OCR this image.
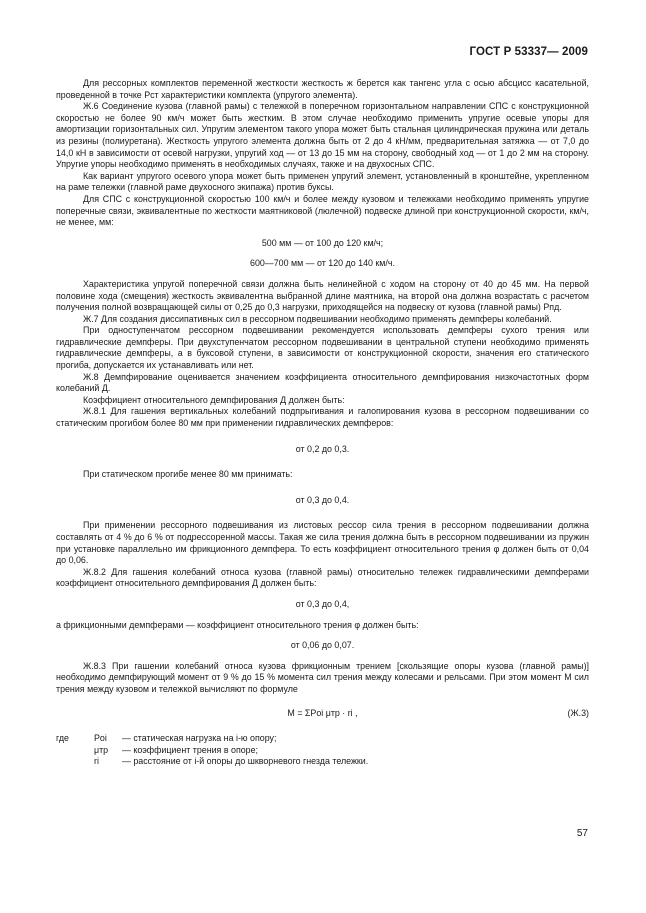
ГОСТ Р 53337— 2009

Для рессорных комплектов переменной жесткости жесткость ж берется как тангенс угла с осью абсцисс касательной, проведенной в точке Pст характеристики комплекта (упругого элемента).

Ж.6 Соединение кузова (главной рамы) с тележкой в поперечном горизонтальном направлении СПС с конструкционной скоростью не более 90 км/ч может быть жестким. В этом случае необходимо применить упругие осевые упоры для амортизации горизонтальных сил. Упругим элементом такого упора может быть стальная цилиндрическая пружина или деталь из резины (полиуретана). Жесткость упругого элемента должна быть от 2 до 4 кН/мм, предварительная затяжка — от 7,0 до 14,0 кН в зависимости от осевой нагрузки, упругий ход — от 13 до 15 мм на сторону, свободный ход — от 1 до 2 мм на сторону. Упругие упоры необходимо применять в необходимых случаях, также и на двухосных СПС.

Как вариант упругого осевого упора может быть применен упругий элемент, установленный в кронштейне, укрепленном на раме тележки (главной раме двухосного экипажа) против буксы.

Для СПС с конструкционной скоростью 100 км/ч и более между кузовом и тележками необходимо применять упругие поперечные связи, эквивалентные по жесткости маятниковой (люлечной) подвеске длиной при конструкционной скорости, км/ч, не менее, мм:

500 мм — от 100 до 120 км/ч;

600—700 мм — от 120 до 140 км/ч.

Характеристика упругой поперечной связи должна быть нелинейной с ходом на сторону от 40 до 45 мм. На первой половине хода (смещения) жесткость эквивалентна выбранной длине маятника, на второй она должна возрастать с расчетом получения полной возвращающей силы от 0,25 до 0,3 нагрузки, приходящейся на подвеску от кузова (главной рамы) Pпд.

Ж.7 Для создания диссипативных сил в рессорном подвешивании необходимо применять демпферы колебаний.

При одноступенчатом рессорном подвешивании рекомендуется использовать демпферы сухого трения или гидравлические демпферы. При двухступенчатом рессорном подвешивании в центральной ступени необходимо применять гидравлические демпферы, а в буксовой ступени, в зависимости от конструкционной скорости, значения его статического прогиба, допускается их устанавливать или нет.

Ж.8 Демпфирование оценивается значением коэффициента относительного демпфирования низкочастотных форм колебаний Д.

Коэффициент относительного демпфирования Д должен быть:

Ж.8.1 Для гашения вертикальных колебаний подпрыгивания и галопирования кузова в рессорном подвешивании со статическим прогибом более 80 мм при применении гидравлических демпферов:

от 0,2 до 0,3.

При статическом прогибе менее 80 мм принимать:

от 0,3 до 0,4.

При применении рессорного подвешивания из листовых рессор сила трения в рессорном подвешивании должна составлять от 4 % до 6 % от подрессоренной массы. Такая же сила трения должна быть в рессорном подвешивании из пружин при установке параллельно им фрикционного демпфера. То есть коэффициент относительного трения φ должен быть от 0,04 до 0,06.

Ж.8.2 Для гашения колебаний относа кузова (главной рамы) относительно тележек гидравлическими демпферами коэффициент относительного демпфирования Д должен быть:

от 0,3 до 0,4,

а фрикционными демпферами — коэффициент относительного трения φ должен быть:

от 0,06 до 0,07.

Ж.8.3 При гашении колебаний относа кузова фрикционным трением [скользящие опоры кузова (главной рамы)] необходимо демпфирующий момент от 9 % до 15 % момента сил трения между колесами и рельсами. При этом момент М сил трения между кузовом и тележкой вычисляют по формуле

M = ΣPоi μтр · ri ,	(Ж.3)
где	Pоi	— статическая нагрузка на i-ю опору;
μтр	— коэффициент трения в опоре;
ri	— расстояние от i-й опоры до шкворневого гнезда тележки.
57
